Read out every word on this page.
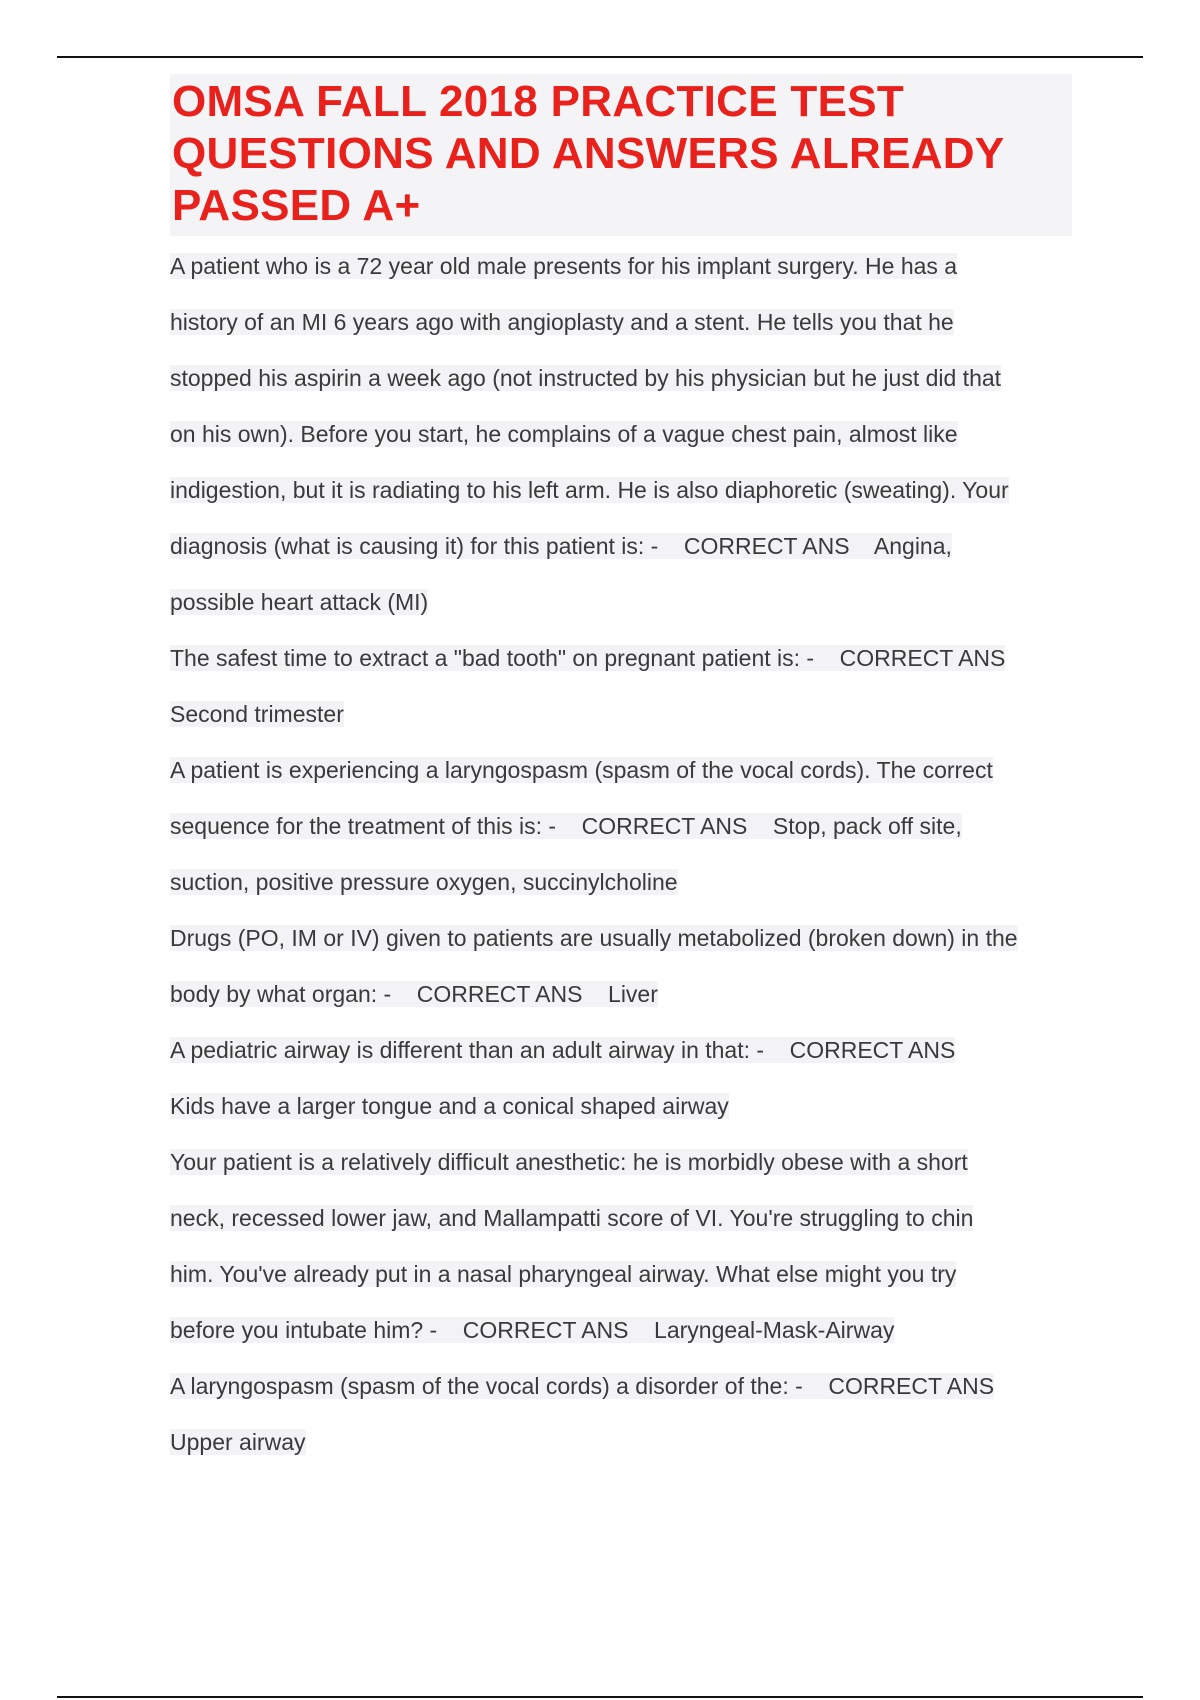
OMSA FALL 2018 PRACTICE TEST
QUESTIONS AND ANSWERS ALREADY
PASSED A+
A patient who is a 72 year old male presents for his implant surgery. He has a
history of an MI 6 years ago with angioplasty and a stent. He tells you that he
stopped his aspirin a week ago (not instructed by his physician but he just did that
on his own). Before you start, he complains of a vague chest pain, almost like
indigestion, but it is radiating to his left arm. He is also diaphoretic (sweating). Your
diagnosis (what is causing it) for this patient is: -    CORRECT ANS    Angina,
possible heart attack (MI)
The safest time to extract a "bad tooth" on pregnant patient is: -    CORRECT ANS
Second trimester
A patient is experiencing a laryngospasm (spasm of the vocal cords). The correct
sequence for the treatment of this is: -    CORRECT ANS    Stop, pack off site,
suction, positive pressure oxygen, succinylcholine
Drugs (PO, IM or IV) given to patients are usually metabolized (broken down) in the
body by what organ: -    CORRECT ANS    Liver
A pediatric airway is different than an adult airway in that: -    CORRECT ANS
Kids have a larger tongue and a conical shaped airway
Your patient is a relatively difficult anesthetic: he is morbidly obese with a short
neck, recessed lower jaw, and Mallampatti score of VI. You're struggling to chin
him. You've already put in a nasal pharyngeal airway. What else might you try
before you intubate him? -    CORRECT ANS    Laryngeal-Mask-Airway
A laryngospasm (spasm of the vocal cords) a disorder of the: -    CORRECT ANS
Upper airway
